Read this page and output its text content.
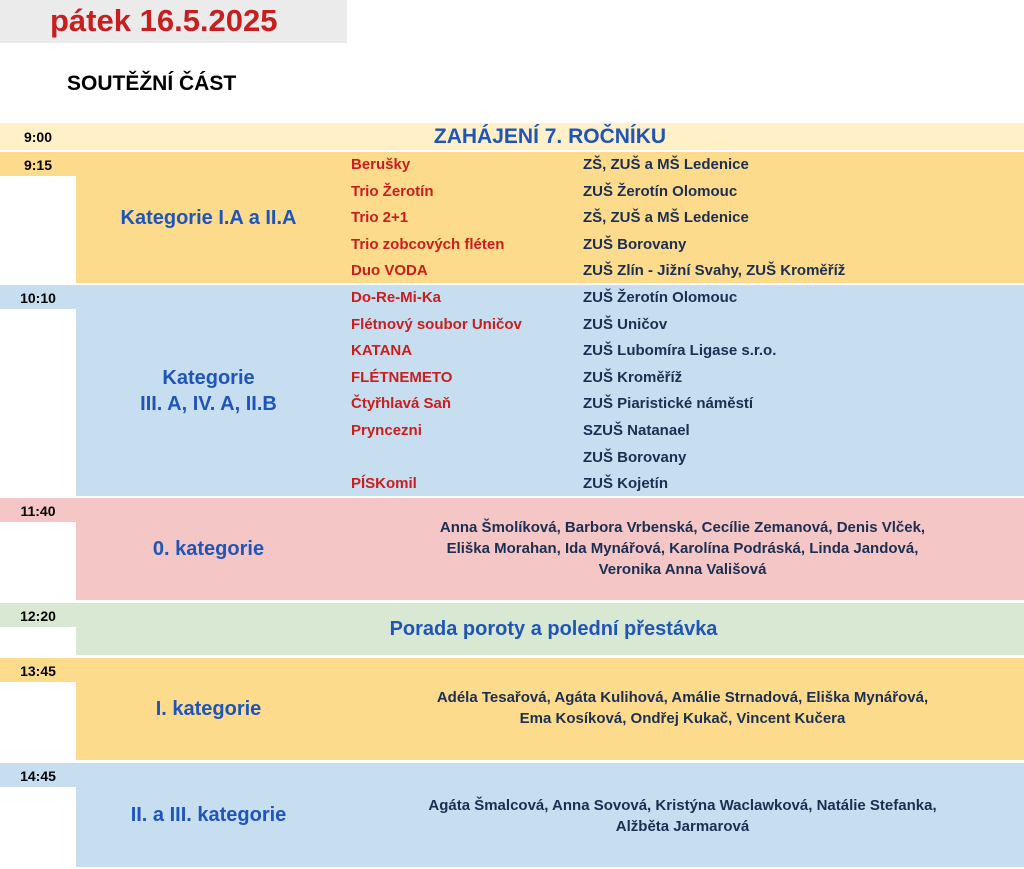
pátek 16.5.2025
SOUTĚŽNÍ ČÁST
9:00	ZAHÁJENÍ 7. ROČNÍKU
9:15
Kategorie I.A a II.A
Berušky
Trio Žerotín
Trio 2+1
Trio zobcových fléten
Duo VODA
ZŠ, ZUŠ a MŠ Ledenice
ZUŠ Žerotín Olomouc
ZŠ, ZUŠ a MŠ Ledenice
ZUŠ Borovany
ZUŠ Zlín - Jižní Svahy, ZUŠ Kroměříž
10:10
Kategorie
III. A, IV. A, II.B
Do-Re-Mi-Ka
Flétnový soubor Uničov
KATANA
FLÉTNEMETO
Čtyřhlavá Saň
Pryncezni
PÍSKomil
ZUŠ Žerotín Olomouc
ZUŠ Uničov
ZUŠ Lubomíra Ligase s.r.o.
ZUŠ Kroměříž
ZUŠ Piaristické náměstí
SZUŠ Natanael
ZUŠ Borovany
ZUŠ Kojetín
11:40
0. kategorie
Anna Šmolíková, Barbora Vrbenská, Cecílie Zemanová, Denis Vlček,
Eliška Morahan, Ida Mynářová, Karolína Podráská, Linda Jandová,
Veronika Anna Vališová
12:20
Porada poroty a polední přestávka
13:45
I. kategorie
Adéla Tesařová, Agáta Kulihová, Amálie Strnadová, Eliška Mynářová,
Ema Kosíková, Ondřej Kukač, Vincent Kučera
14:45
II. a III. kategorie	Agáta Šmalcová, Anna Sovová, Kristýna Waclawková, Natálie Stefanka,
Alžběta Jarmarová
